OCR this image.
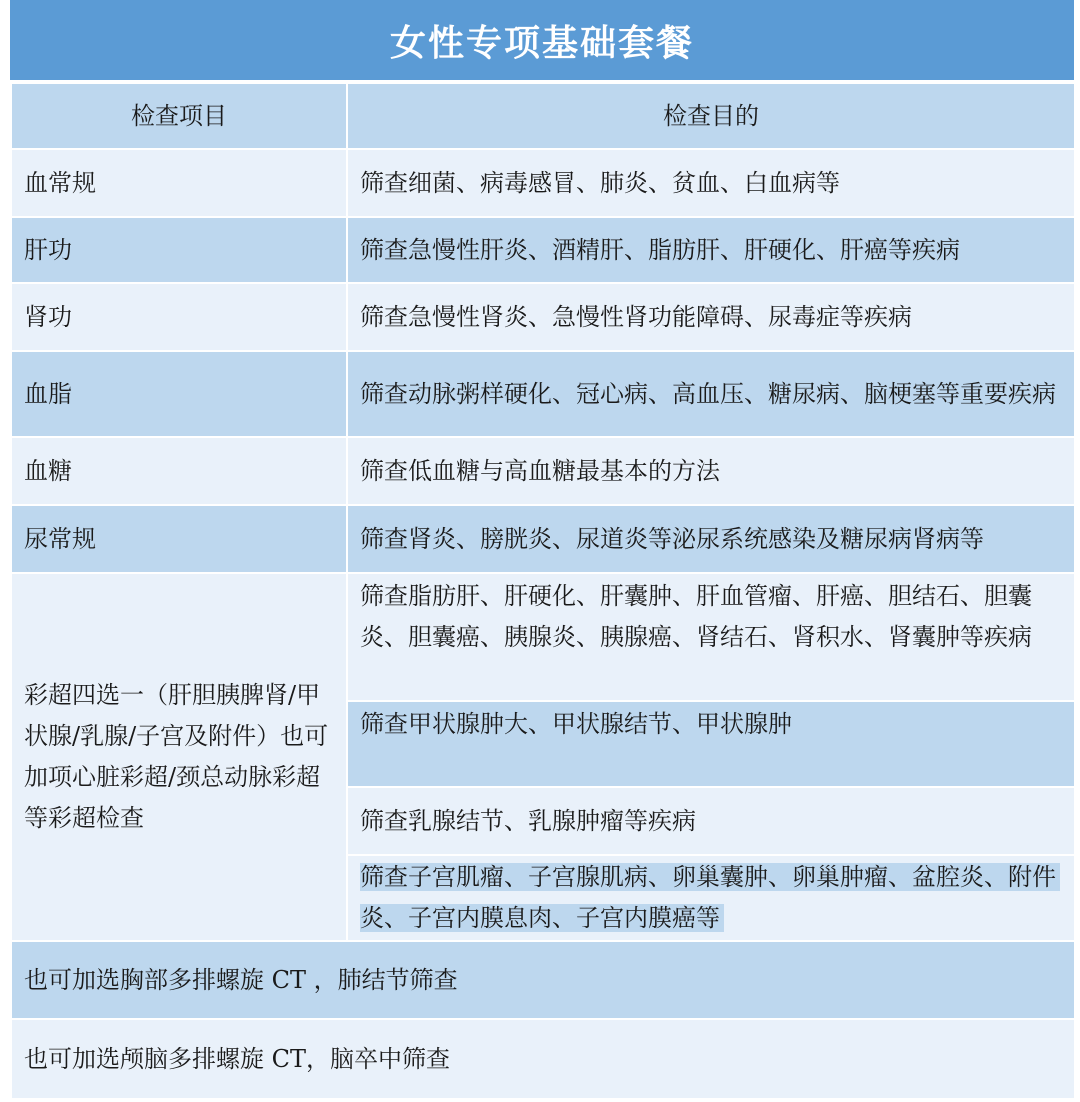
女性专项基础套餐
检查项目	检查目的
血常规	筛查细菌、病毒感冒、肺炎、贫血、白血病等
肝功	筛查急慢性肝炎、酒精肝、脂肪肝、肝硬化、肝癌等疾病
肾功	筛查急慢性肾炎、急慢性肾功能障碍、尿毒症等疾病
血脂	筛查动脉粥样硬化、冠心病、高血压、糖尿病、脑梗塞等重要疾病
血糖	筛查低血糖与高血糖最基本的方法
尿常规	筛查肾炎、膀胱炎、尿道炎等泌尿系统感染及糖尿病肾病等
彩超四选一（肝胆胰脾肾/甲状腺/乳腺/子宫及附件）也可加项心脏彩超/颈总动脉彩超等彩超检查	筛查脂肪肝、肝硬化、肝囊肿、肝血管瘤、肝癌、胆结石、胆囊炎、胆囊癌、胰腺炎、胰腺癌、肾结石、肾积水、肾囊肿等疾病
	筛查甲状腺肿大、甲状腺结节、甲状腺肿
	筛查乳腺结节、乳腺肿瘤等疾病
	筛查子宫肌瘤、子宫腺肌病、卵巢囊肿、卵巢肿瘤、盆腔炎、附件炎、子宫内膜息肉、子宫内膜癌等
也可加选胸部多排螺旋 CT ，肺结节筛查	
也可加选颅脑多排螺旋 CT，脑卒中筛查	
